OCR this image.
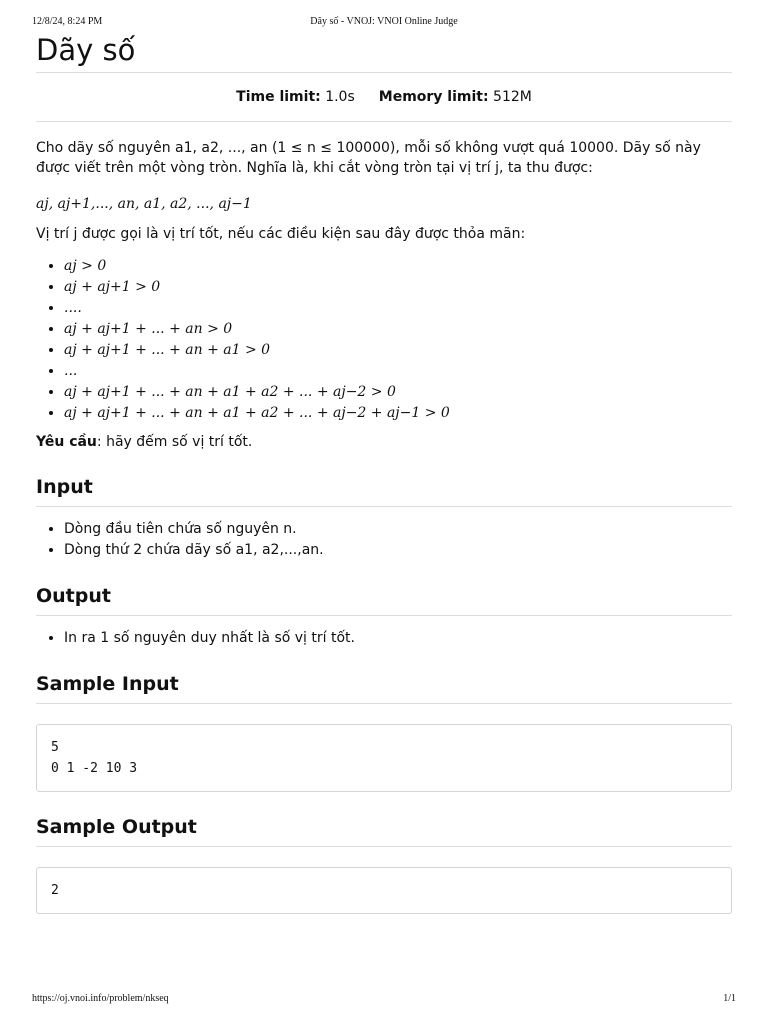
12/8/24, 8:24 PM	Dãy số - VNOJ: VNOI Online Judge
Dãy số
Time limit: 1.0s Memory limit: 512M

Cho dãy số nguyên a1, a2, ..., an (1 ≤ n ≤ 100000), mỗi số không vượt quá 10000. Dãy số này
được viết trên một vòng tròn. Nghĩa là, khi cắt vòng tròn tại vị trí j, ta thu được:

aj, aj+1,..., an, a1, a2, ..., aj−1

Vị trí j được gọi là vị trí tốt, nếu các điều kiện sau đây được thỏa mãn:

• aj > 0
• aj + aj+1 > 0
• ....
• aj + aj+1 + ... + an > 0
• aj + aj+1 + ... + an + a1 > 0
• ...
• aj + aj+1 + ... + an + a1 + a2 + ... + aj−2 > 0
• aj + aj+1 + ... + an + a1 + a2 + ... + aj−2 + aj−1 > 0

Yêu cầu: hãy đếm số vị trí tốt.

Input
• Dòng đầu tiên chứa số nguyên n.
• Dòng thứ 2 chứa dãy số a1, a2,...,an.
Output
• In ra 1 số nguyên duy nhất là số vị trí tốt.
Sample Input
5
0 1 -2 10 3
Sample Output
2
https://oj.vnoi.info/problem/nkseq	1/1
